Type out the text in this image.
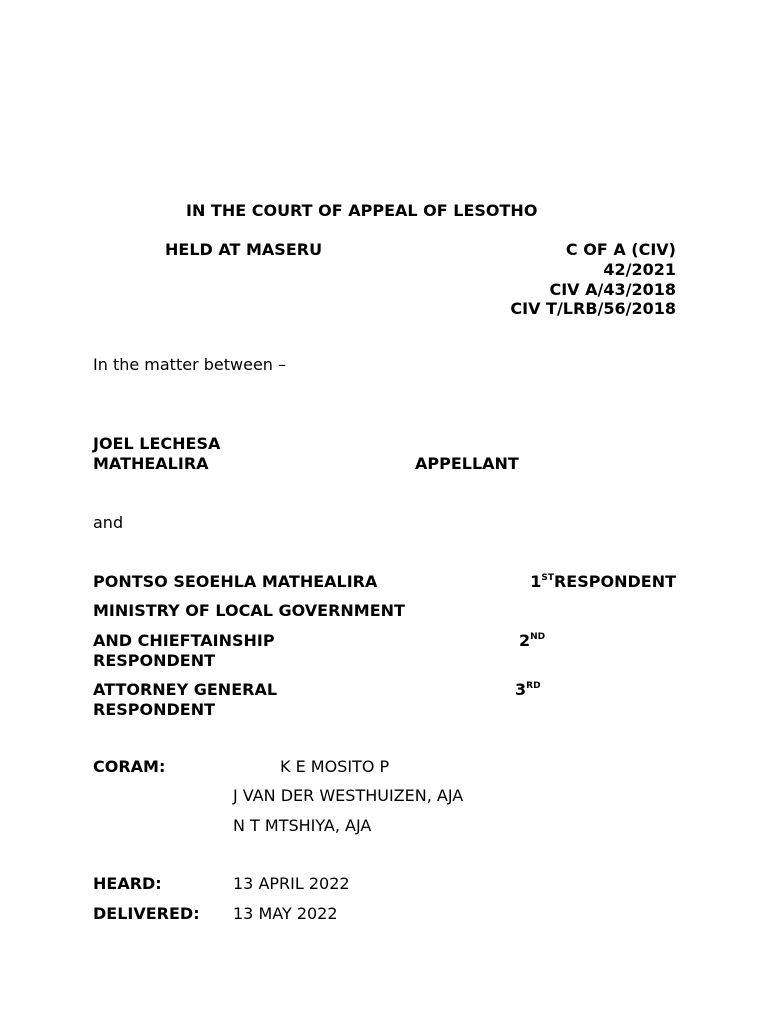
IN THE COURT OF APPEAL OF LESOTHO
HELD AT MASERU	C OF A (CIV)
42/2021
CIV A/43/2018
CIV T/LRB/56/2018
In the matter between –
JOEL LECHESA
MATHEALIRA	APPELLANT
and
PONTSO SEOEHLA MATHEALIRA	1STRESPONDENT
MINISTRY OF LOCAL GOVERNMENT
AND CHIEFTAINSHIP	2ND
RESPONDENT
ATTORNEY GENERAL	3RD
RESPONDENT
CORAM:	K E MOSITO P
J VAN DER WESTHUIZEN, AJA
N T MTSHIYA, AJA
HEARD:	13 APRIL 2022
DELIVERED: 13 MAY 2022
